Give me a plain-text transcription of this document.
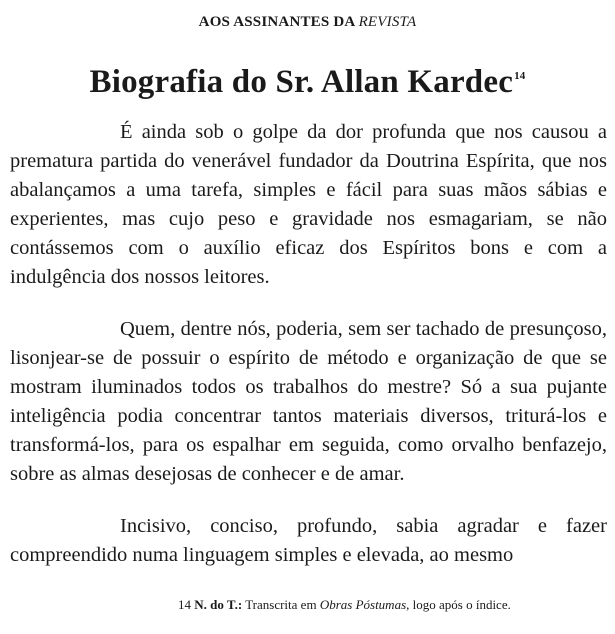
AOS ASSINANTES DA REVISTA
Biografia do Sr. Allan Kardec$^{14}$

É ainda sob o golpe da dor profunda que nos causou a prematura partida do venerável fundador da Doutrina Espírita, que nos abalançamos a uma tarefa, simples e fácil para suas mãos sábias e experientes, mas cujo peso e gravidade nos esmagariam, se não contássemos com o auxílio eficaz dos Espíritos bons e com a indulgência dos nossos leitores.

Quem, dentre nós, poderia, sem ser tachado de presunçoso, lisonjear-se de possuir o espírito de método e organização de que se mostram iluminados todos os trabalhos do mestre? Só a sua pujante inteligência podia concentrar tantos materiais diversos, triturá-los e transformá-los, para os espalhar em seguida, como orvalho benfazejo, sobre as almas desejosas de conhecer e de amar.

Incisivo, conciso, profundo, sabia agradar e fazer compreendido numa linguagem simples e elevada, ao mesmo

14 N. do T.: Transcrita em Obras Póstumas, logo após o índice.
